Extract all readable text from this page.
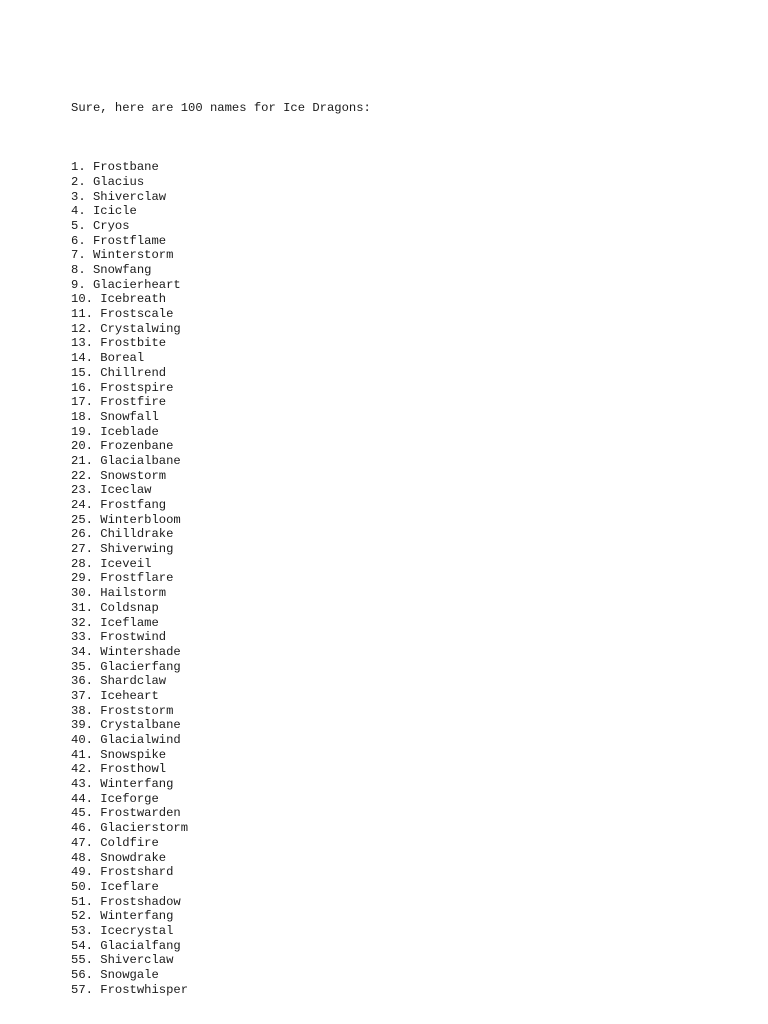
Sure, here are 100 names for Ice Dragons:

1. Frostbane
2. Glacius
3. Shiverclaw
4. Icicle
5. Cryos
6. Frostflame
7. Winterstorm
8. Snowfang
9. Glacierheart
10. Icebreath
11. Frostscale
12. Crystalwing
13. Frostbite
14. Boreal
15. Chillrend
16. Frostspire
17. Frostfire
18. Snowfall
19. Iceblade
20. Frozenbane
21. Glacialbane
22. Snowstorm
23. Iceclaw
24. Frostfang
25. Winterbloom
26. Chilldrake
27. Shiverwing
28. Iceveil
29. Frostflare
30. Hailstorm
31. Coldsnap
32. Iceflame
33. Frostwind
34. Wintershade
35. Glacierfang
36. Shardclaw
37. Iceheart
38. Froststorm
39. Crystalbane
40. Glacialwind
41. Snowspike
42. Frosthowl
43. Winterfang
44. Iceforge
45. Frostwarden
46. Glacierstorm
47. Coldfire
48. Snowdrake
49. Frostshard
50. Iceflare
51. Frostshadow
52. Winterfang
53. Icecrystal
54. Glacialfang
55. Shiverclaw
56. Snowgale
57. Frostwhisper
